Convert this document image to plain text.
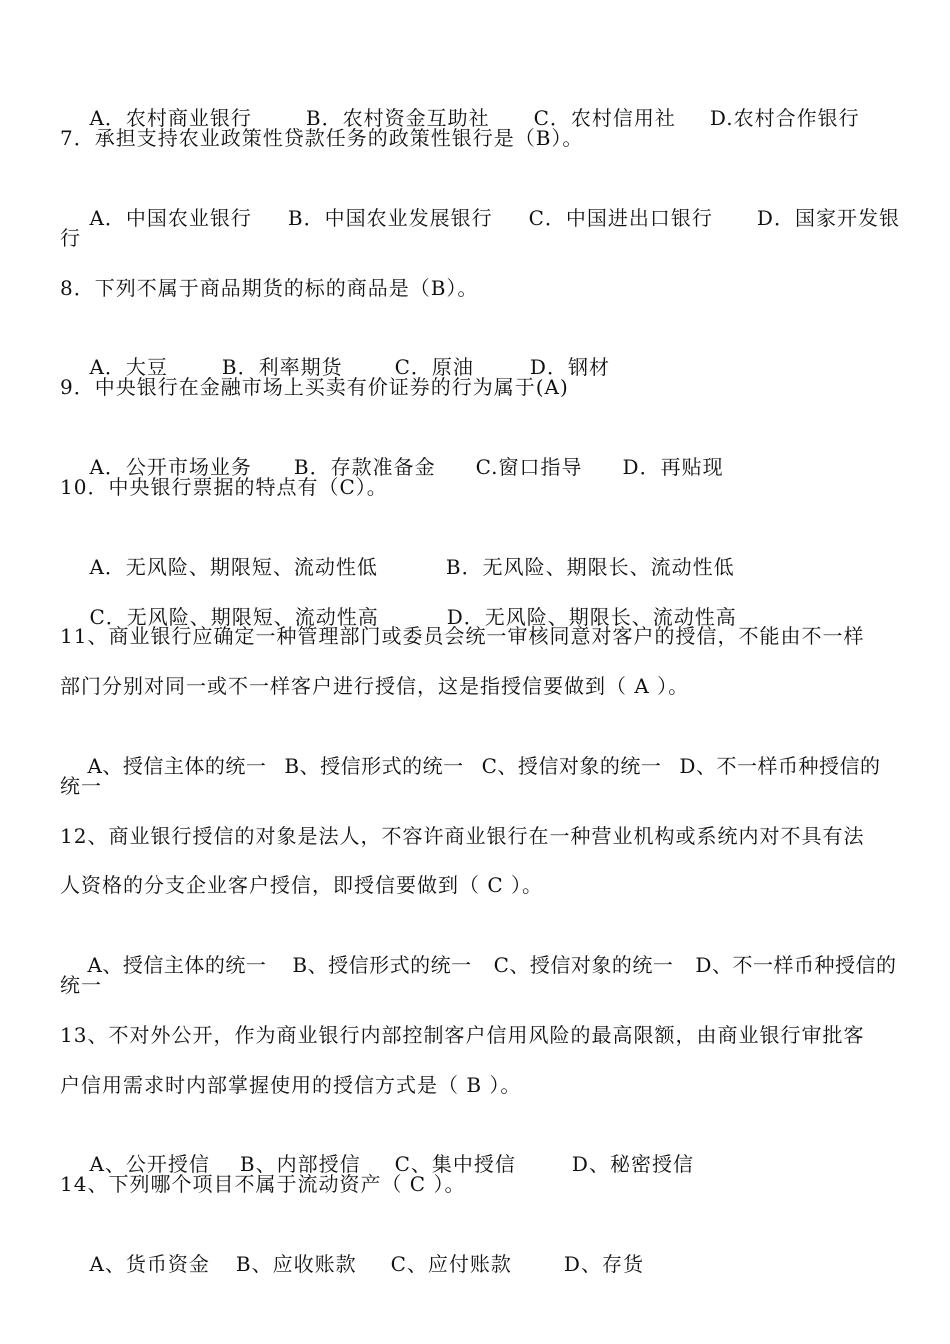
A．农村商业银行	B．农村资金互助社 C．农村信用社 D.农村合作银行

7．承担支持农业政策性贷款任务的政策性银行是（B）。

A．中国农业银行 B．中国农业发展银行 C．中国进出口银行 D．国家开发银

行
8．下列不属于商品期货的标的商品是（B）。

A．大豆	B．利率期货	C．原油	D．钢材

9．中央银行在金融市场上买卖有价证券的行为属于(A)

A．公开市场业务 B．存款准备金 C.窗口指导 D．再贴现

10．中央银行票据的特点有（C）。

A．无风险、期限短、流动性低	B．无风险、期限长、流动性低

C．无风险、期限短、流动性高	D．无风险、期限长、流动性高

11、商业银行应确定一种管理部门或委员会统一审核同意对客户的授信，不能由不一样
部门分别对同一或不一样客户进行授信，这是指授信要做到（ A ）。

A、授信主体的统一 B、授信形式的统一 C、授信对象的统一 D、不一样币种授信的

统一
12、商业银行授信的对象是法人，不容许商业银行在一种营业机构或系统内对不具有法
人资格的分支企业客户授信，即授信要做到（ C ）。

A、授信主体的统一 B、授信形式的统一 C、授信对象的统一 D、不一样币种授信的

统一
13、不对外公开，作为商业银行内部控制客户信用风险的最高限额，由商业银行审批客
户信用需求时内部掌握使用的授信方式是（ B ）。

A、公开授信 B、内部授信 C、集中授信	D、秘密授信

14、下列哪个项目不属于流动资产（ C ）。

A、货币资金 B、应收账款 C、应付账款	D、存货
